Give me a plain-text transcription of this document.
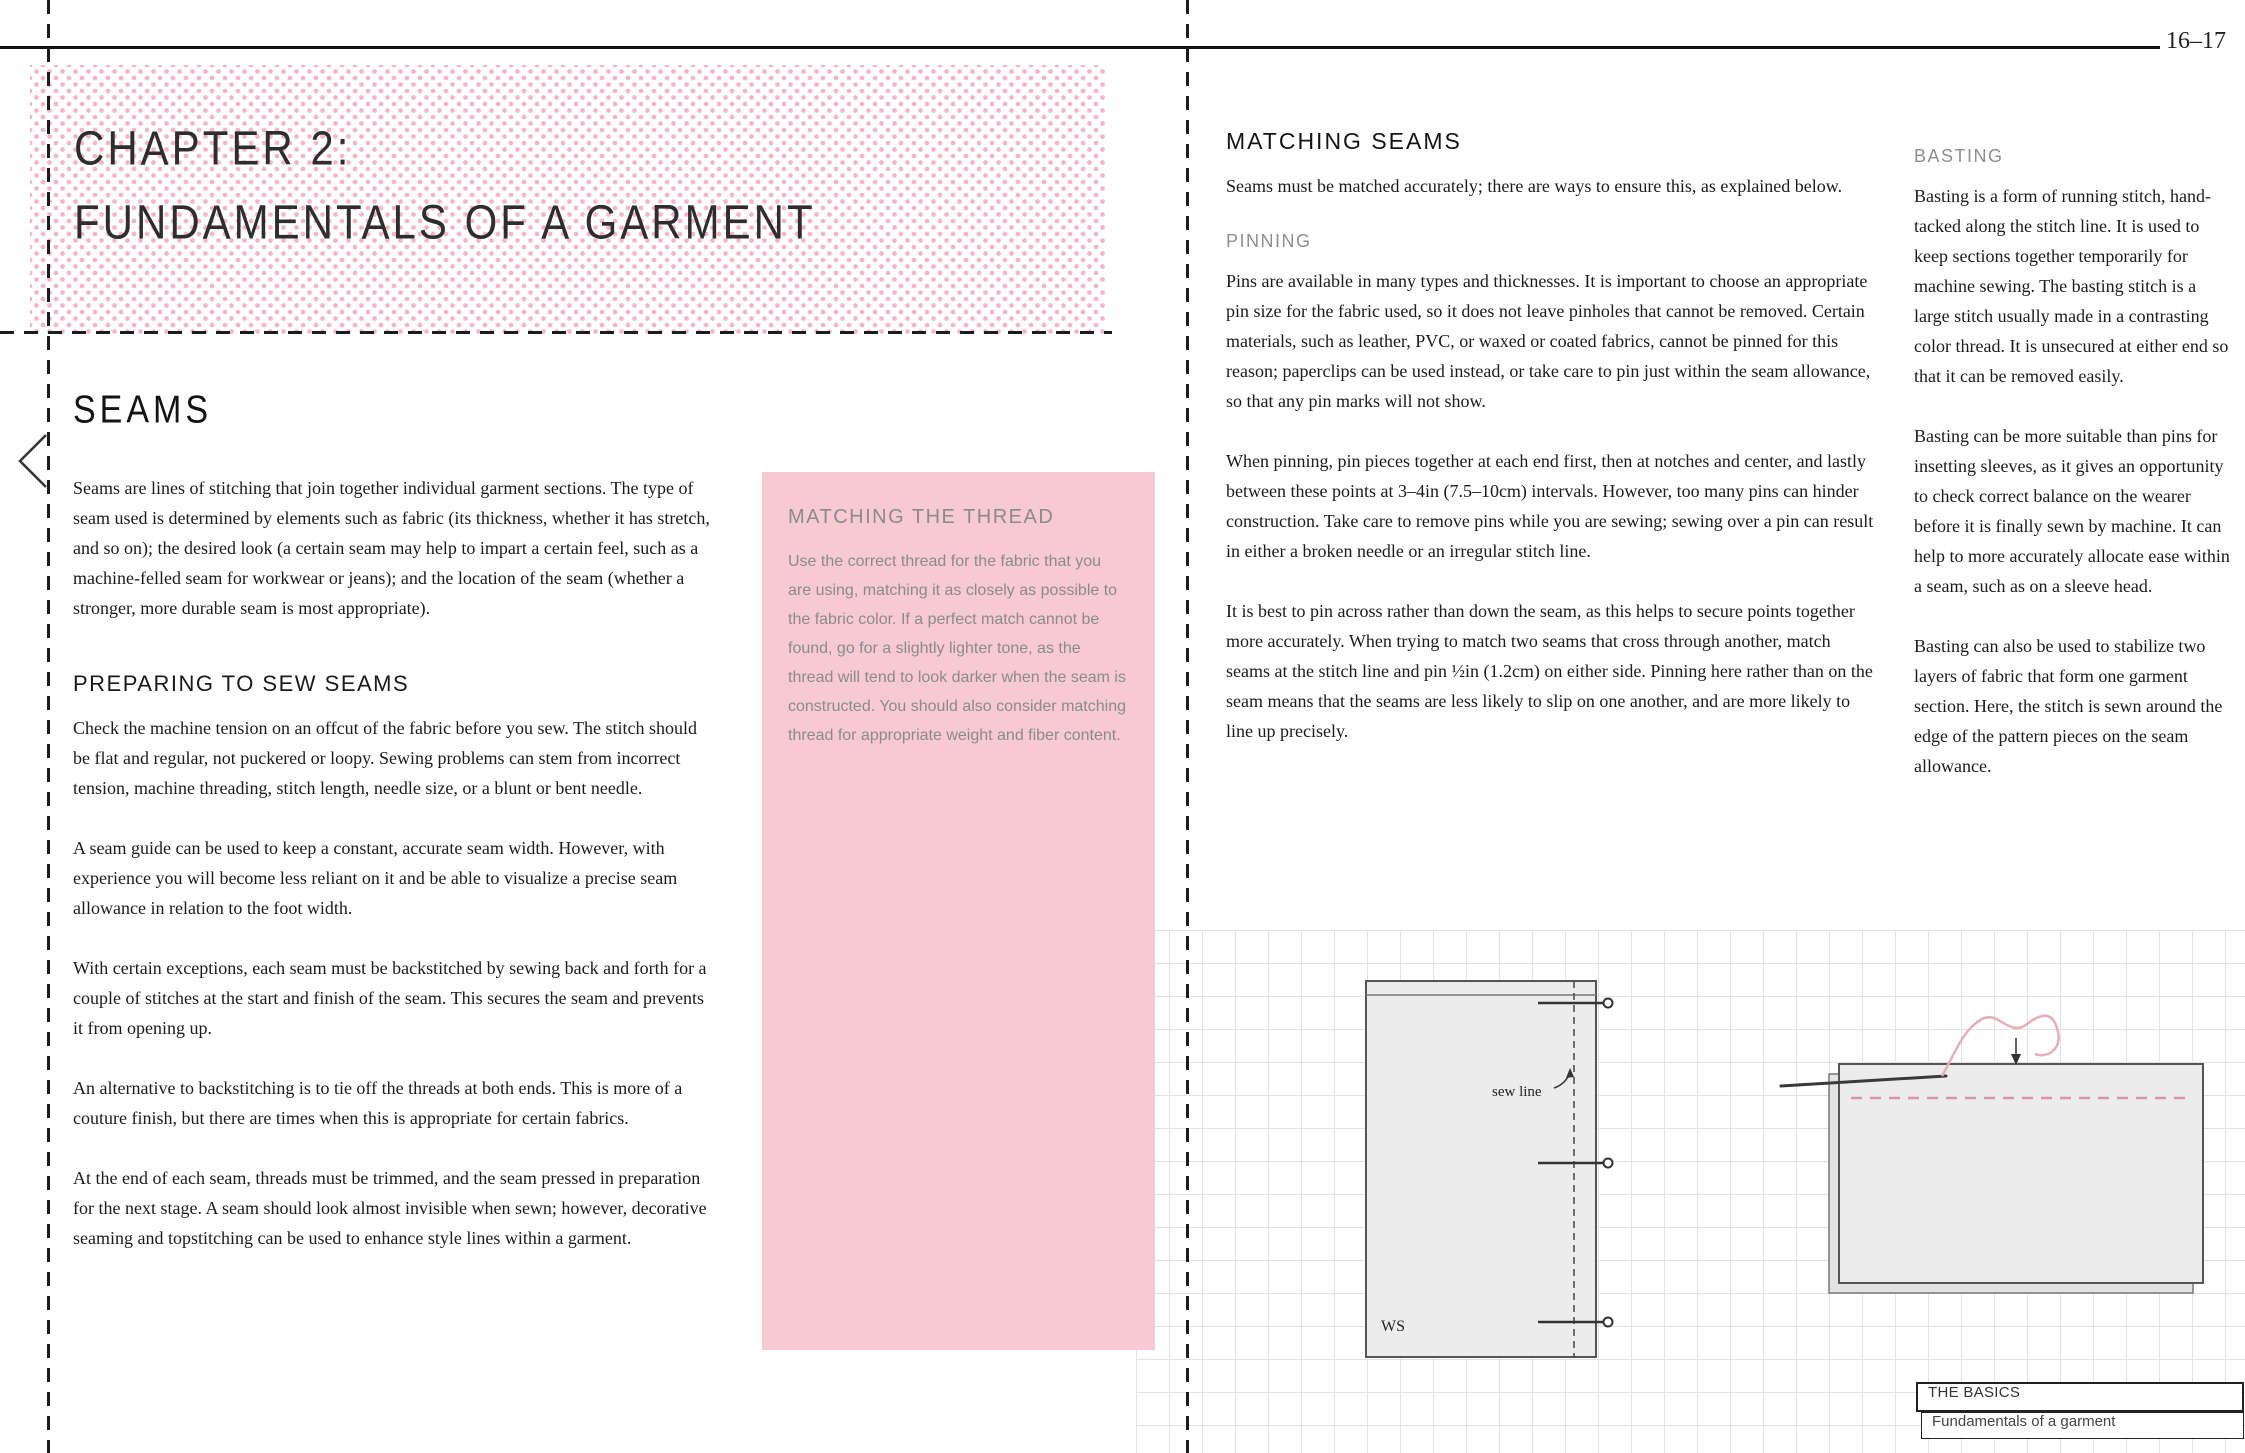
16–17
CHAPTER 2:
FUNDAMENTALS OF A GARMENT
SEAMS

Seams are lines of stitching that join together individual garment sections. The type of seam used is determined by elements such as fabric (its thickness, whether it has stretch, and so on); the desired look (a certain seam may help to impart a certain feel, such as a machine-felled seam for workwear or jeans); and the location of the seam (whether a stronger, more durable seam is most appropriate).

PREPARING TO SEW SEAMS

Check the machine tension on an offcut of the fabric before you sew. The stitch should be flat and regular, not puckered or loopy. Sewing problems can stem from incorrect tension, machine threading, stitch length, needle size, or a blunt or bent needle.

A seam guide can be used to keep a constant, accurate seam width. However, with experience you will become less reliant on it and be able to visualize a precise seam allowance in relation to the foot width.

With certain exceptions, each seam must be backstitched by sewing back and forth for a couple of stitches at the start and finish of the seam. This secures the seam and prevents it from opening up.

An alternative to backstitching is to tie off the threads at both ends. This is more of a couture finish, but there are times when this is appropriate for certain fabrics.

At the end of each seam, threads must be trimmed, and the seam pressed in preparation for the next stage. A seam should look almost invisible when sewn; however, decorative seaming and topstitching can be used to enhance style lines within a garment.

MATCHING THE THREAD

Use the correct thread for the fabric that you are using, matching it as closely as possible to the fabric color. If a perfect match cannot be found, go for a slightly lighter tone, as the thread will tend to look darker when the seam is constructed. You should also consider matching thread for appropriate weight and fiber content.

MATCHING SEAMS

Seams must be matched accurately; there are ways to ensure this, as explained below.

PINNING

Pins are available in many types and thicknesses. It is important to choose an appropriate pin size for the fabric used, so it does not leave pinholes that cannot be removed. Certain materials, such as leather, PVC, or waxed or coated fabrics, cannot be pinned for this reason; paperclips can be used instead, or take care to pin just within the seam allowance, so that any pin marks will not show.

When pinning, pin pieces together at each end first, then at notches and center, and lastly between these points at 3–4in (7.5–10cm) intervals. However, too many pins can hinder construction. Take care to remove pins while you are sewing; sewing over a pin can result in either a broken needle or an irregular stitch line.

It is best to pin across rather than down the seam, as this helps to secure points together more accurately. When trying to match two seams that cross through another, match seams at the stitch line and pin ½in (1.2cm) on either side. Pinning here rather than on the seam means that the seams are less likely to slip on one another, and are more likely to line up precisely.

BASTING

Basting is a form of running stitch, hand-tacked along the stitch line. It is used to keep sections together temporarily for machine sewing. The basting stitch is a large stitch usually made in a contrasting color thread. It is unsecured at either end so that it can be removed easily.

Basting can be more suitable than pins for insetting sleeves, as it gives an opportunity to check correct balance on the wearer before it is finally sewn by machine. It can help to more accurately allocate ease within a seam, such as on a sleeve head.

Basting can also be used to stabilize two layers of fabric that form one garment section. Here, the stitch is sewn around the edge of the pattern pieces on the seam allowance.

sew line
WS
THE BASICS
Fundamentals of a garment
